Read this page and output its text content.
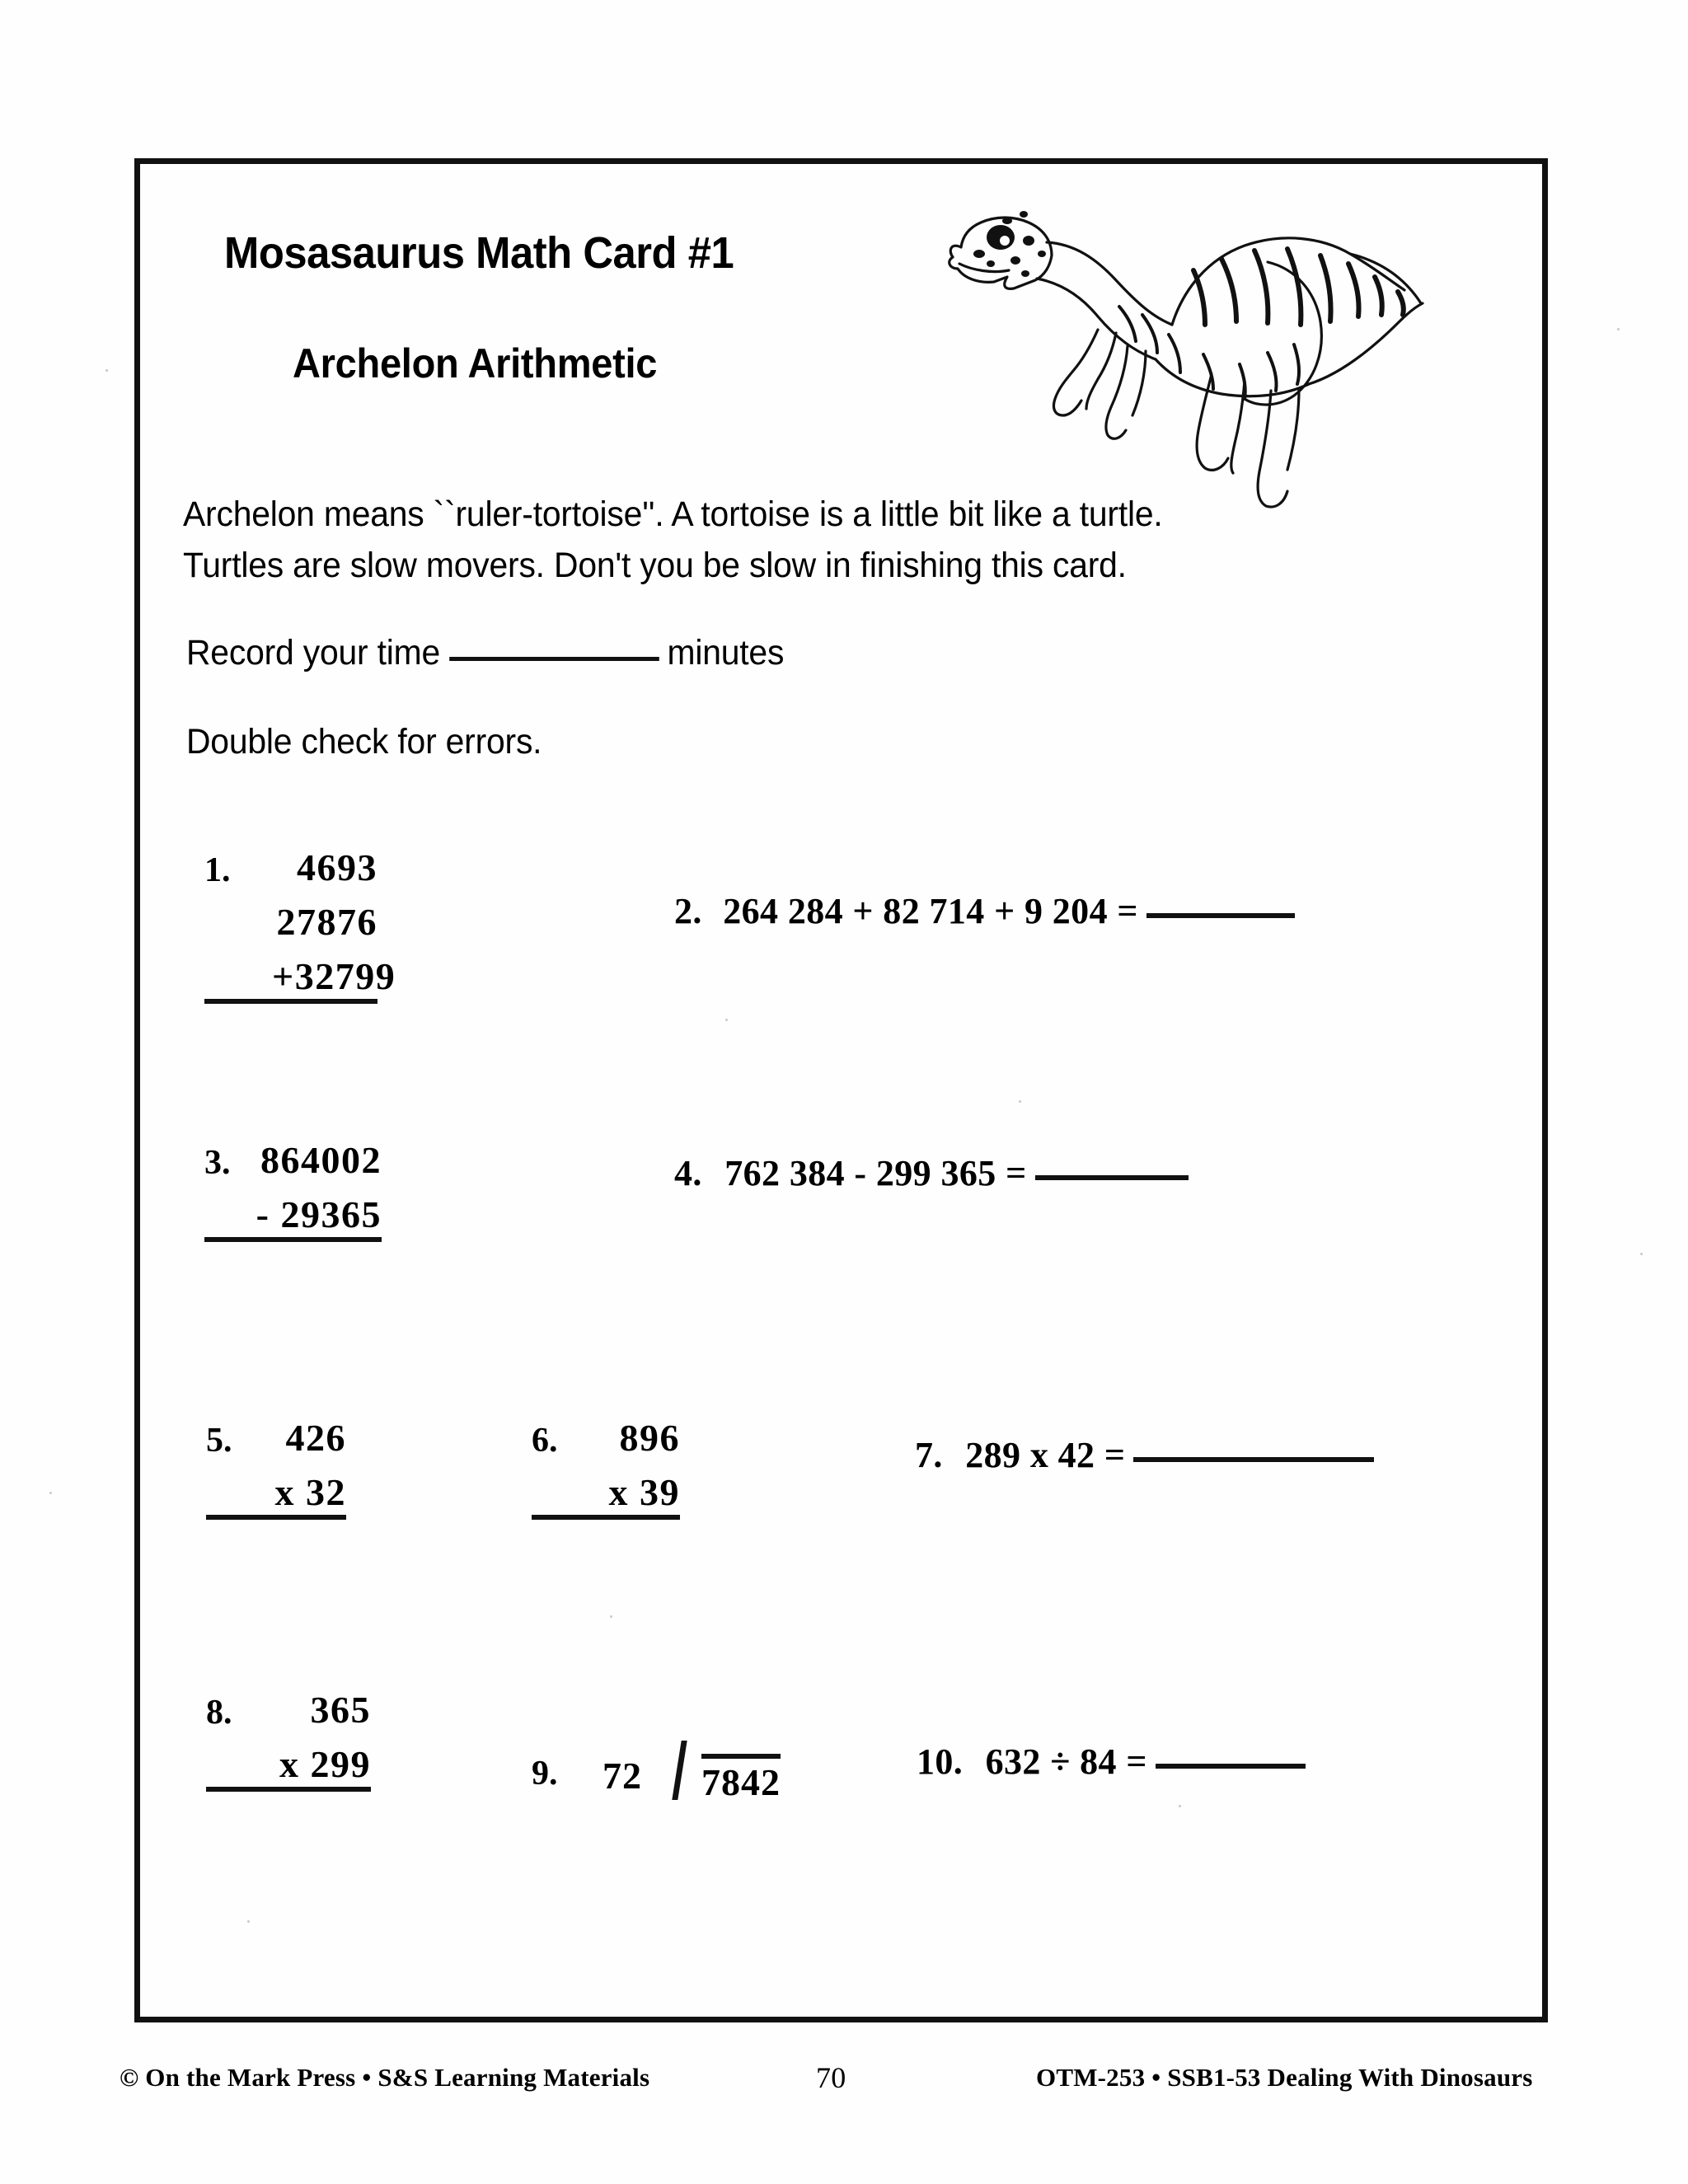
Mosasaurus Math Card #1
Archelon Arithmetic
Archelon means ``ruler-tortoise''. A tortoise is a little bit like a turtle.
Turtles are slow movers. Don't you be slow in finishing this card.
Record your time	minutes
Double check for errors.
1.	4693
27876
+32799
2. 264 284 + 82 714 + 9 204 =
3. 864002
- 29365
4. 762 384 - 299 365 =
5.	426
x 32
6.	896
x 39
7. 289 x 42 =
8.	365
x 299	9. 72 7842	10. 632 ÷ 84 =
© On the Mark Press • S&S Learning Materials	70	OTM-253 • SSB1-53 Dealing With Dinosaurs
